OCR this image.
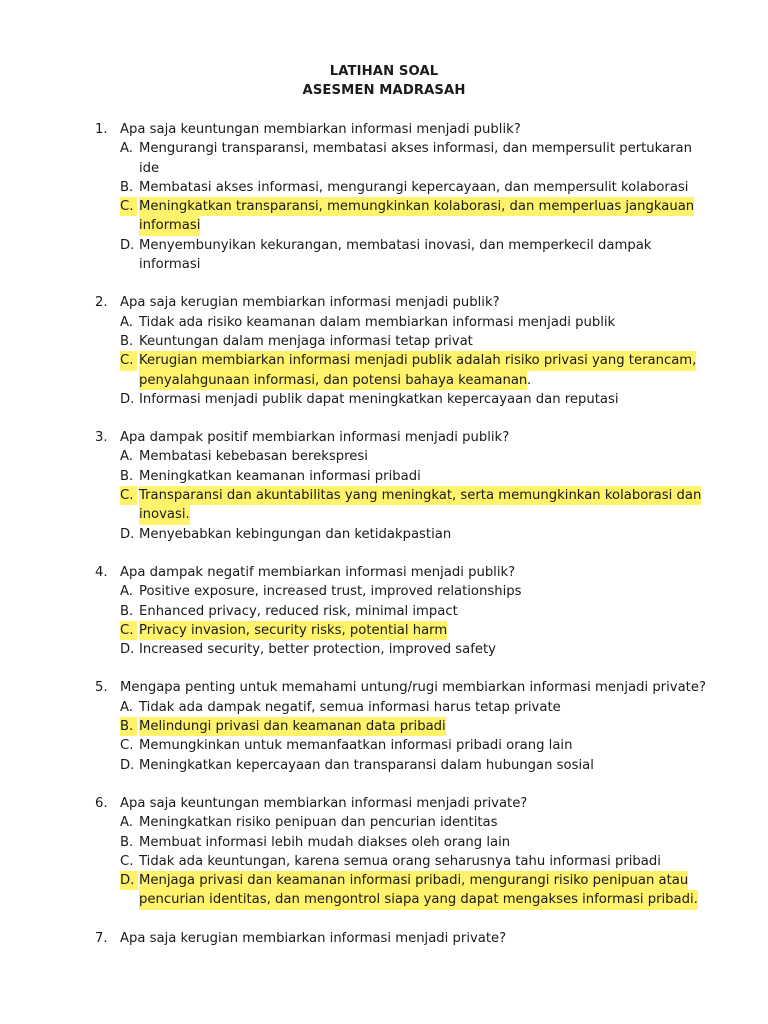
LATIHAN SOAL
ASESMEN MADRASAH
1. Apa saja keuntungan membiarkan informasi menjadi publik?
A. Mengurangi transparansi, membatasi akses informasi, dan mempersulit pertukaran
ide
B. Membatasi akses informasi, mengurangi kepercayaan, dan mempersulit kolaborasi
C. Meningkatkan transparansi, memungkinkan kolaborasi, dan memperluas jangkauan
informasi
D. Menyembunyikan kekurangan, membatasi inovasi, dan memperkecil dampak
informasi
2. Apa saja kerugian membiarkan informasi menjadi publik?
A. Tidak ada risiko keamanan dalam membiarkan informasi menjadi publik
B. Keuntungan dalam menjaga informasi tetap privat
C. Kerugian membiarkan informasi menjadi publik adalah risiko privasi yang terancam,
penyalahgunaan informasi, dan potensi bahaya keamanan .
D. Informasi menjadi publik dapat meningkatkan kepercayaan dan reputasi
3. Apa dampak positif membiarkan informasi menjadi publik?
A. Membatasi kebebasan berekspresi
B. Meningkatkan keamanan informasi pribadi
C. Transparansi dan akuntabilitas yang meningkat, serta memungkinkan kolaborasi dan
inovasi.
D. Menyebabkan kebingungan dan ketidakpastian
4. Apa dampak negatif membiarkan informasi menjadi publik?
A. Positive exposure, increased trust, improved relationships
B. Enhanced privacy, reduced risk, minimal impact
C. Privacy invasion, security risks, potential harm
D. Increased security, better protection, improved safety
5. Mengapa penting untuk memahami untung/rugi membiarkan informasi menjadi private?
A. Tidak ada dampak negatif, semua informasi harus tetap private
B. Melindungi privasi dan keamanan data pribadi
C. Memungkinkan untuk memanfaatkan informasi pribadi orang lain
D. Meningkatkan kepercayaan dan transparansi dalam hubungan sosial
6. Apa saja keuntungan membiarkan informasi menjadi private?
A. Meningkatkan risiko penipuan dan pencurian identitas
B. Membuat informasi lebih mudah diakses oleh orang lain
C. Tidak ada keuntungan, karena semua orang seharusnya tahu informasi pribadi
D. Menjaga privasi dan keamanan informasi pribadi, mengurangi risiko penipuan atau
pencurian identitas, dan mengontrol siapa yang dapat mengakses informasi pribadi.
7. Apa saja kerugian membiarkan informasi menjadi private?
